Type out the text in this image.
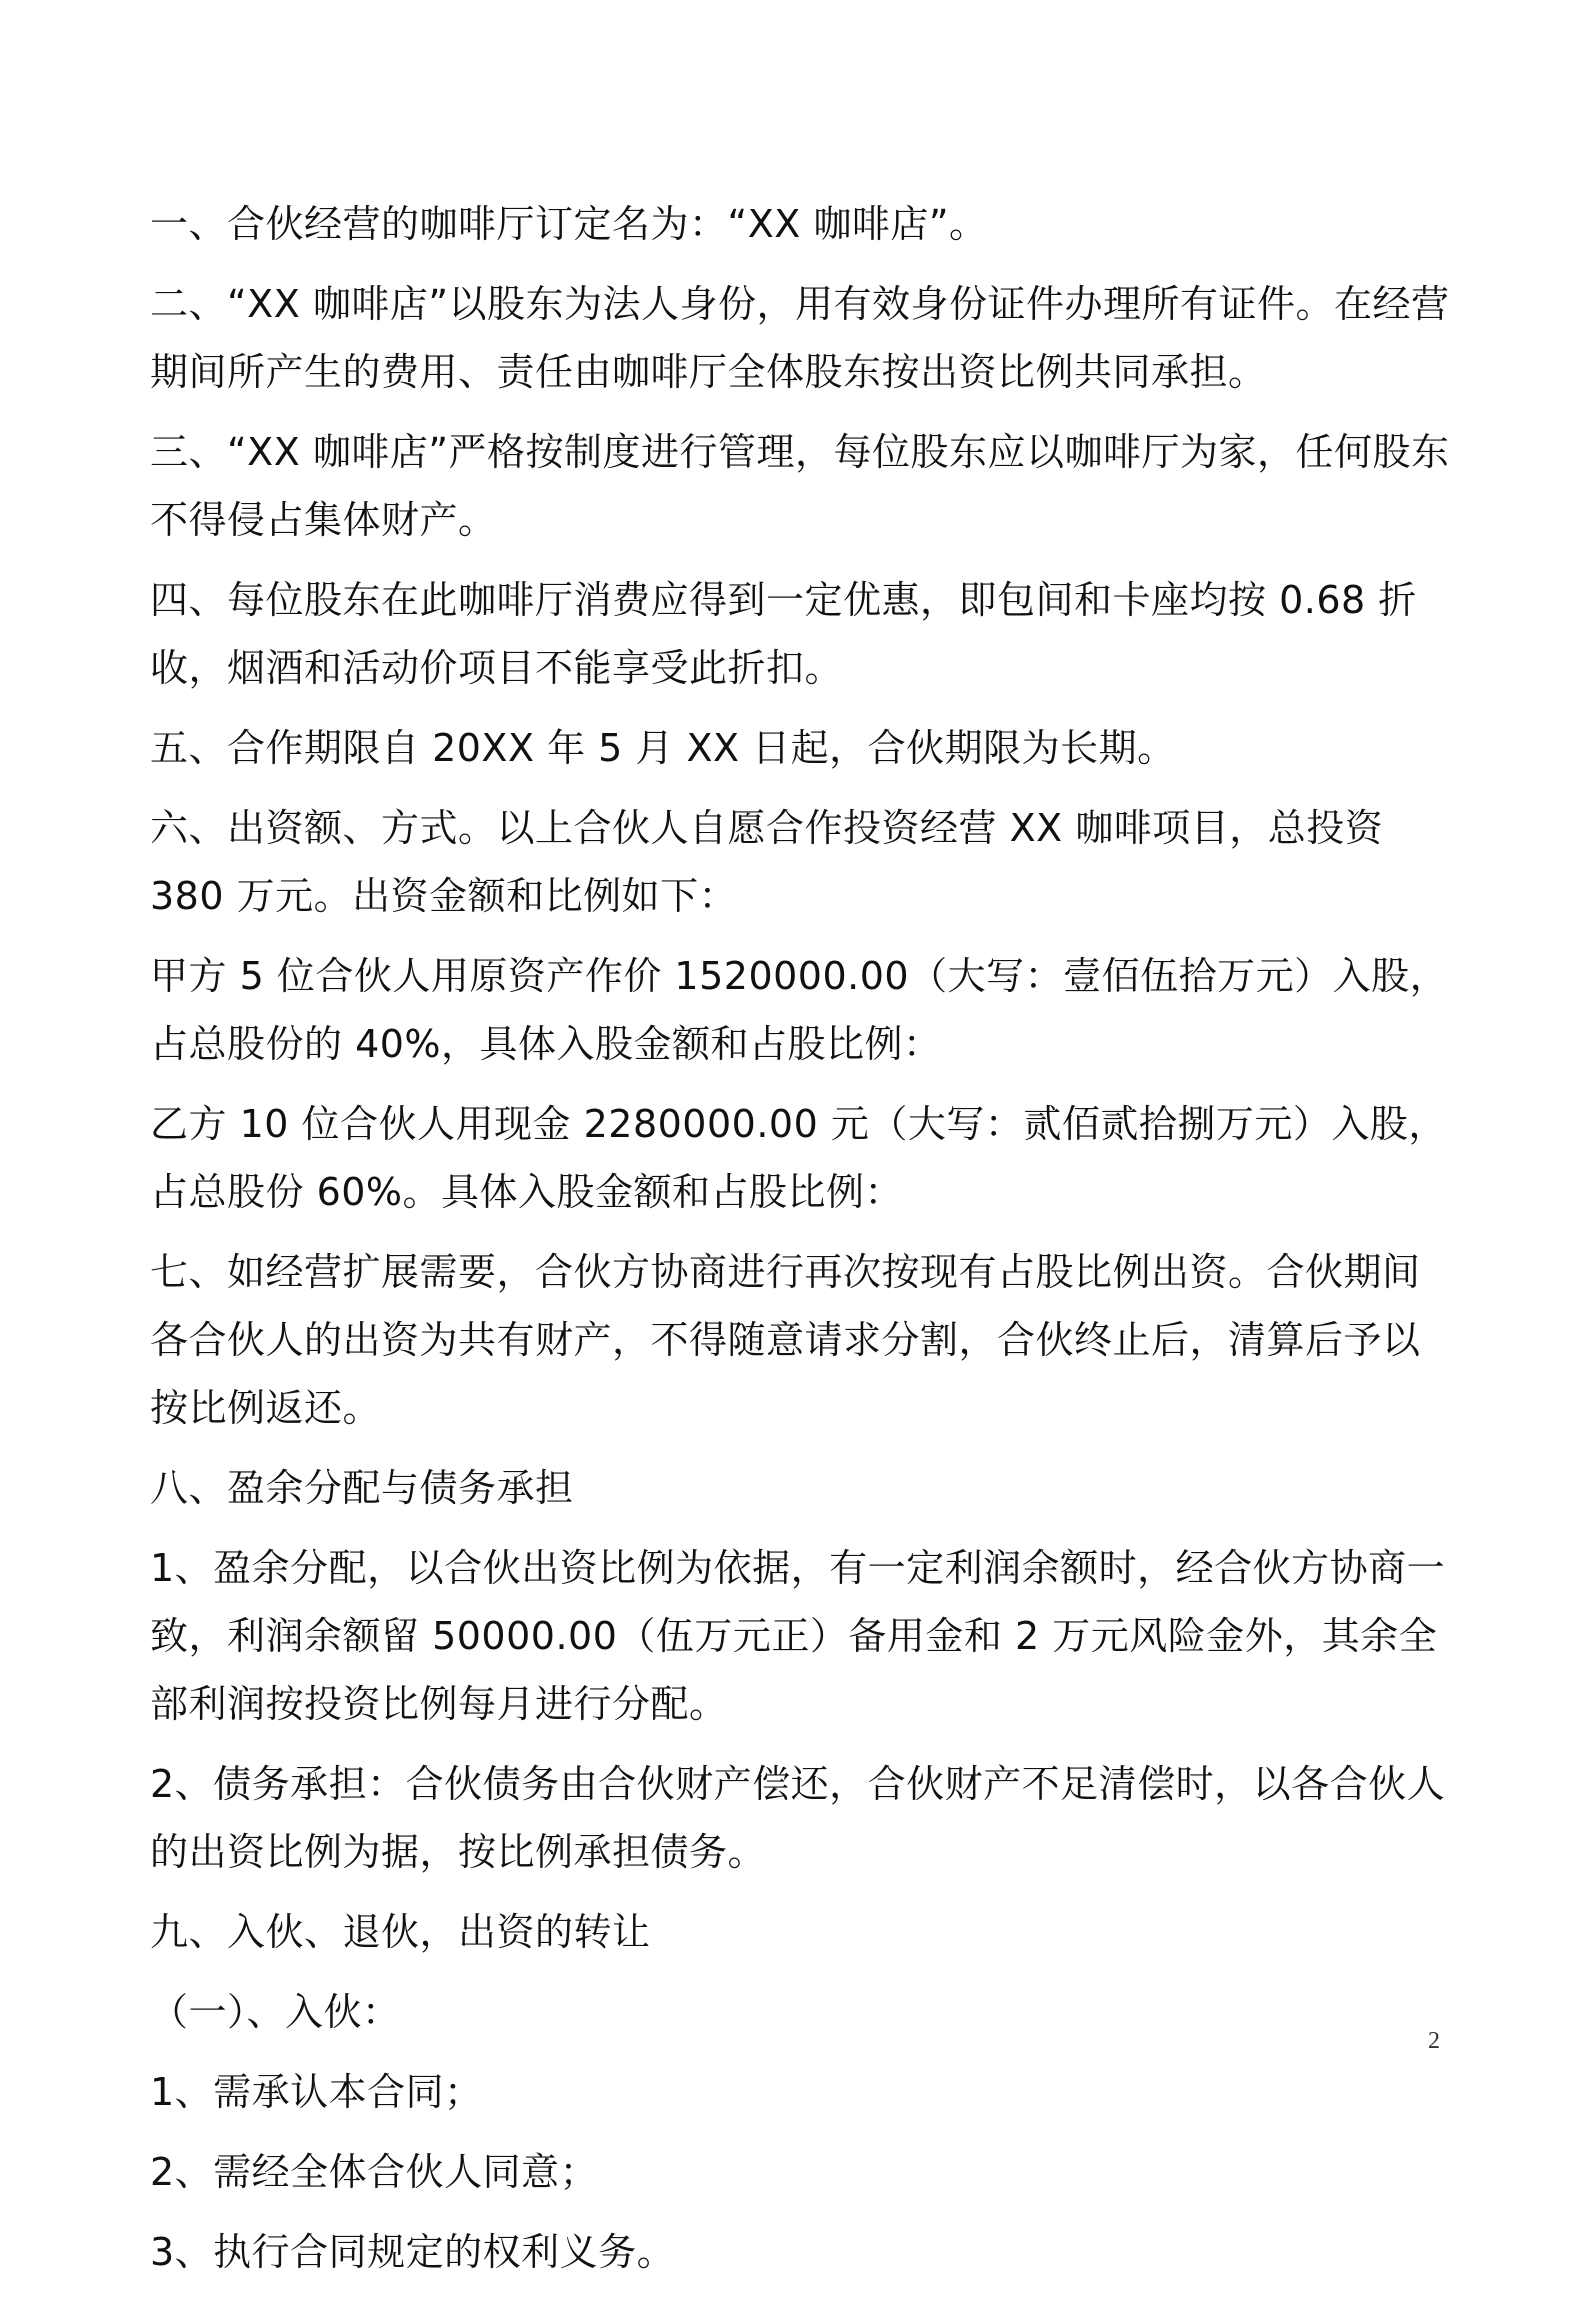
一、合伙经营的咖啡厅订定名为：“XX 咖啡店”。

二、“XX 咖啡店”以股东为法人身份，用有效身份证件办理所有证件。在经营期间所产生的费用、责任由咖啡厅全体股东按出资比例共同承担。

三、“XX 咖啡店”严格按制度进行管理，每位股东应以咖啡厅为家，任何股东不得侵占集体财产。

四、每位股东在此咖啡厅消费应得到一定优惠，即包间和卡座均按 0.68 折收，烟酒和活动价项目不能享受此折扣。

五、合作期限自 20XX 年 5 月 XX 日起，合伙期限为长期。

六、出资额、方式。以上合伙人自愿合作投资经营 XX 咖啡项目，总投资 380 万元。出资金额和比例如下：

甲方 5 位合伙人用原资产作价 1520000.00（大写：壹佰伍拾万元）入股，占总股份的 40%，具体入股金额和占股比例：

乙方 10 位合伙人用现金 2280000.00 元（大写：贰佰贰拾捌万元）入股，占总股份 60%。具体入股金额和占股比例：

七、如经营扩展需要，合伙方协商进行再次按现有占股比例出资。合伙期间各合伙人的出资为共有财产，不得随意请求分割，合伙终止后，清算后予以按比例返还。

八、盈余分配与债务承担

1、盈余分配，以合伙出资比例为依据，有一定利润余额时，经合伙方协商一致，利润余额留 50000.00（伍万元正）备用金和 2 万元风险金外，其余全部利润按投资比例每月进行分配。

2、债务承担：合伙债务由合伙财产偿还，合伙财产不足清偿时，以各合伙人的出资比例为据，按比例承担债务。

九、入伙、退伙，出资的转让

（一）、入伙：

1、需承认本合同；

2、需经全体合伙人同意；

3、执行合同规定的权利义务。

2
